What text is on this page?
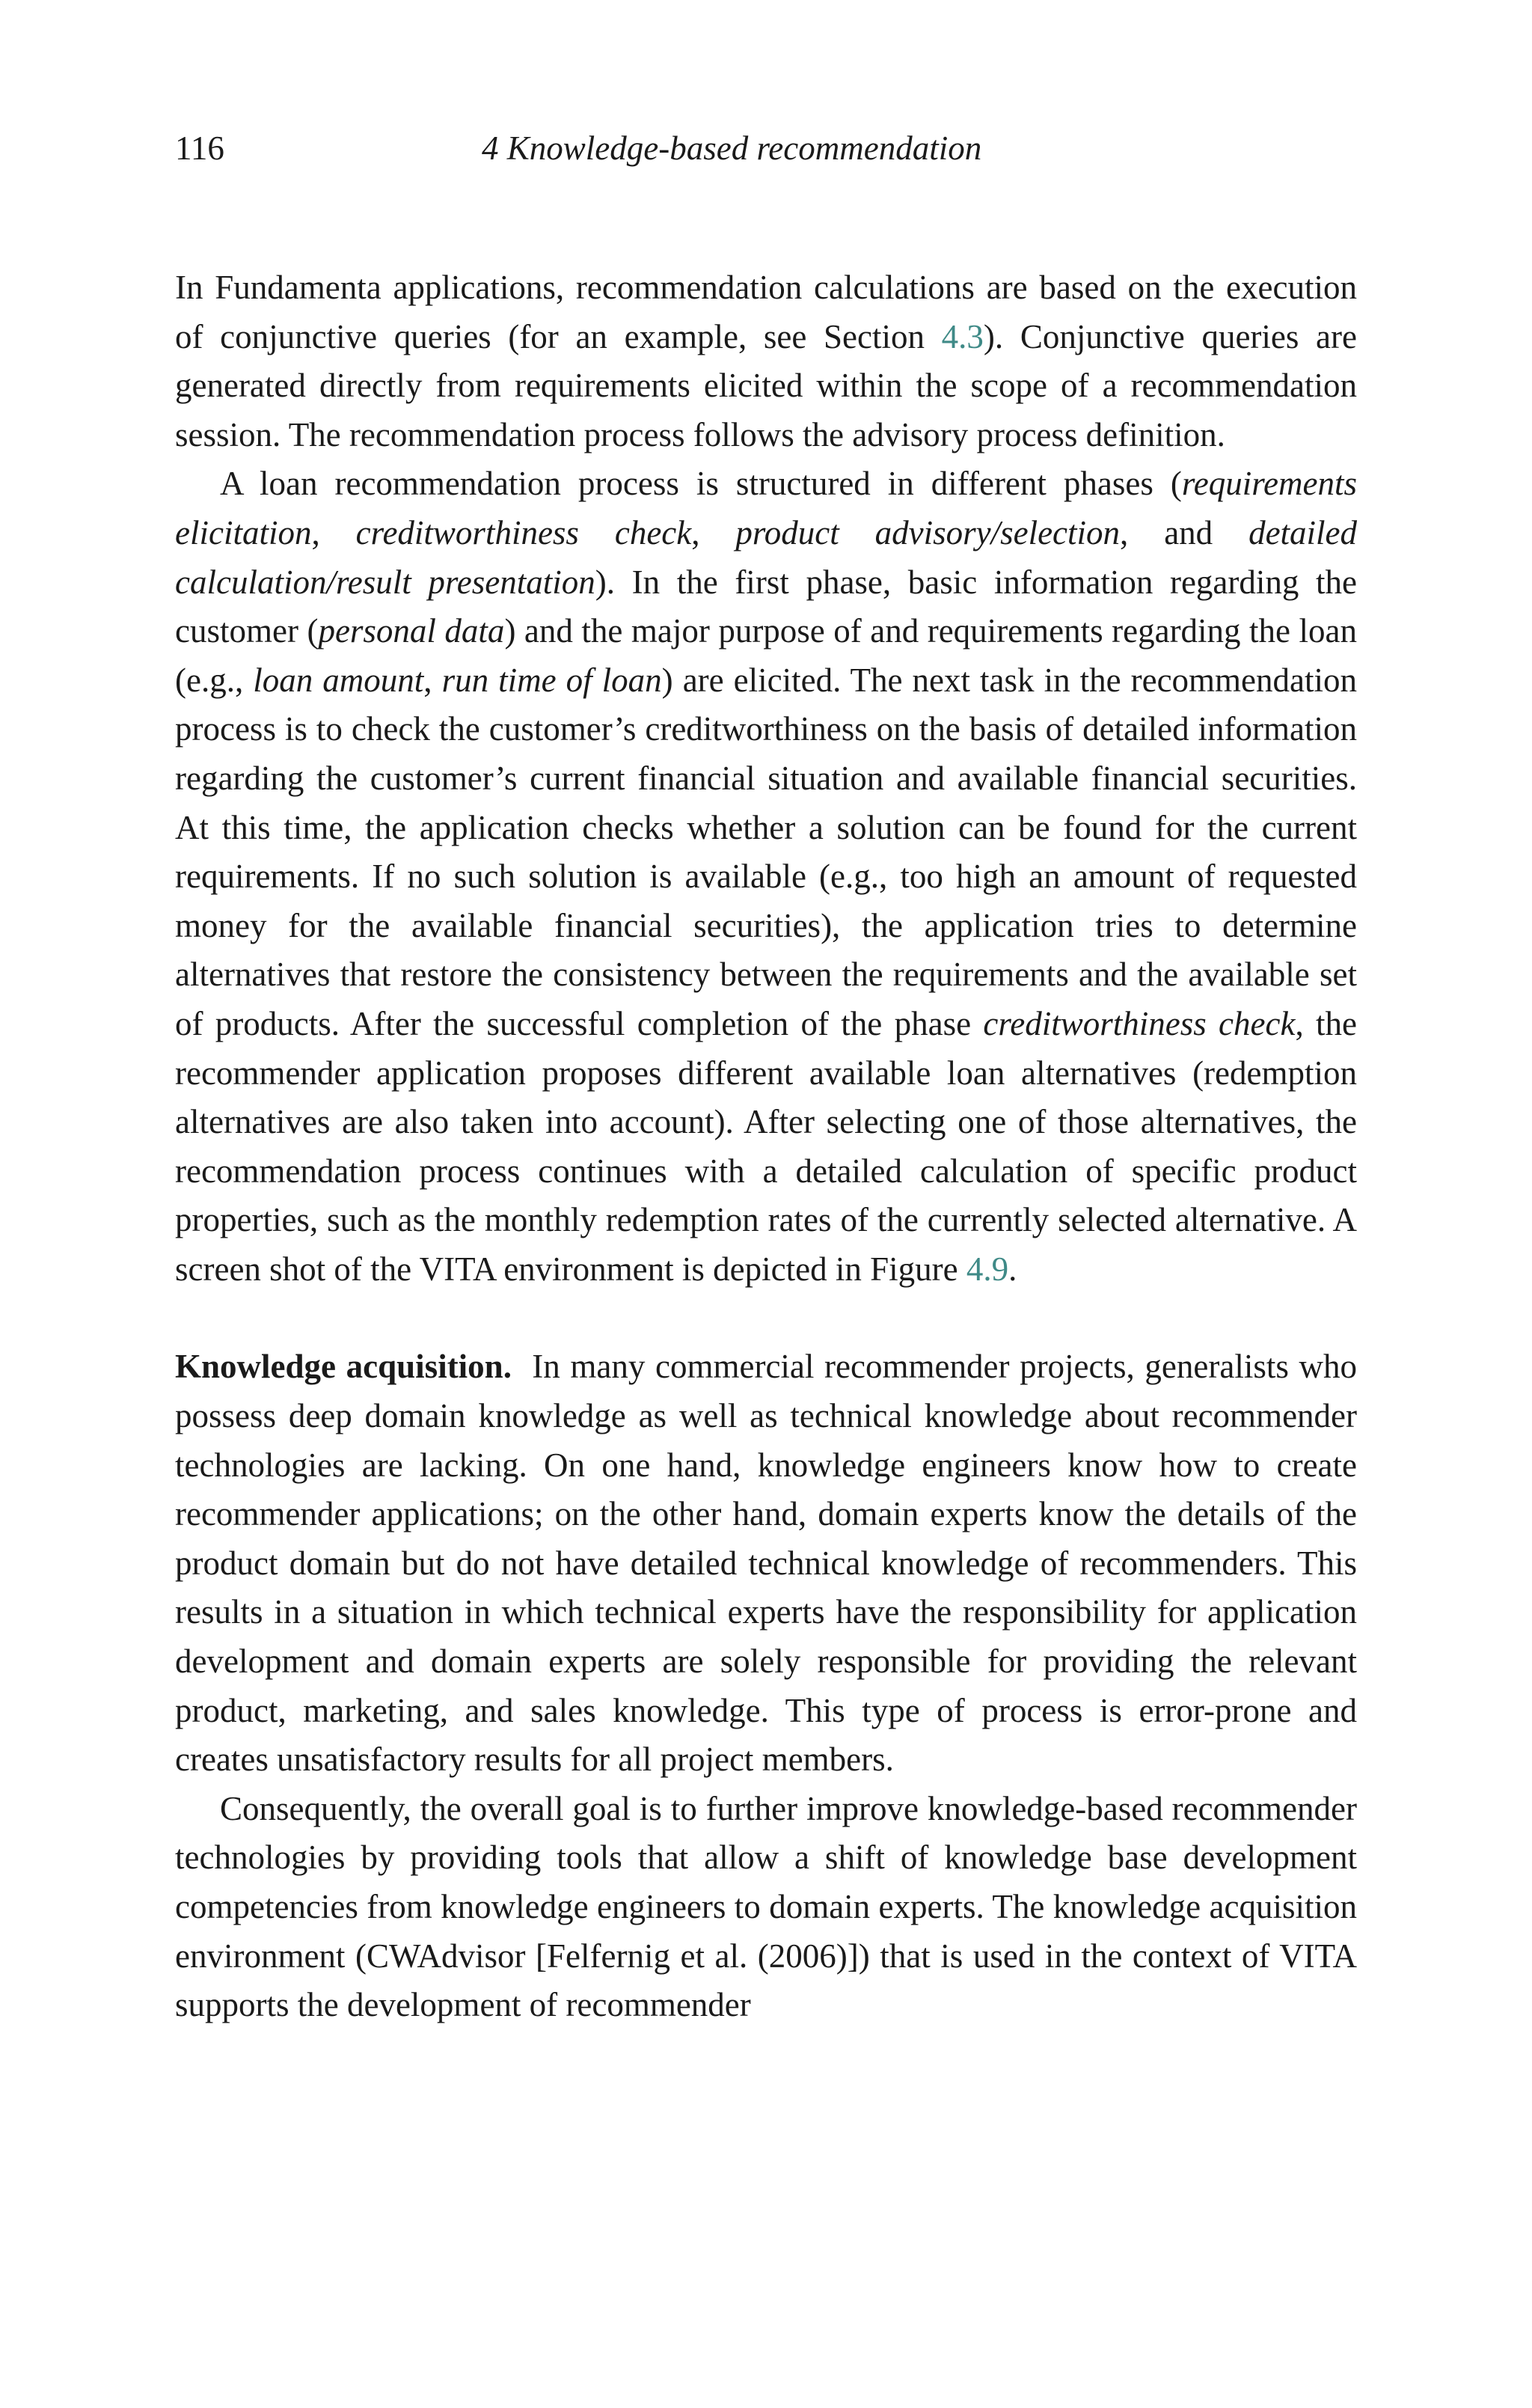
116	4 Knowledge-based recommendation

In Fundamenta applications, recommendation calculations are based on the execution of conjunctive queries (for an example, see Section 4.3). Conjunctive queries are generated directly from requirements elicited within the scope of a recommendation session. The recommendation process follows the advisory process definition.

A loan recommendation process is structured in different phases (requirements elicitation, creditworthiness check, product advisory/selection, and detailed calculation/result presentation). In the first phase, basic information regarding the customer (personal data) and the major purpose of and requirements regarding the loan (e.g., loan amount, run time of loan) are elicited. The next task in the recommendation process is to check the customer’s creditworthiness on the basis of detailed information regarding the customer’s current financial situation and available financial securities. At this time, the application checks whether a solution can be found for the current requirements. If no such solution is available (e.g., too high an amount of requested money for the available financial securities), the application tries to determine alternatives that restore the consistency between the requirements and the available set of products. After the successful completion of the phase creditworthiness check, the recommender application proposes different available loan alternatives (redemption alternatives are also taken into account). After selecting one of those alternatives, the recommendation process continues with a detailed calculation of specific product properties, such as the monthly redemption rates of the currently selected alternative. A screen shot of the VITA environment is depicted in Figure 4.9.

Knowledge acquisition.  In many commercial recommender projects, generalists who possess deep domain knowledge as well as technical knowledge about recommender technologies are lacking. On one hand, knowledge engineers know how to create recommender applications; on the other hand, domain experts know the details of the product domain but do not have detailed technical knowledge of recommenders. This results in a situation in which technical experts have the responsibility for application development and domain experts are solely responsible for providing the relevant product, marketing, and sales knowledge. This type of process is error-prone and creates unsatisfactory results for all project members.

Consequently, the overall goal is to further improve knowledge-based recommender technologies by providing tools that allow a shift of knowledge base development competencies from knowledge engineers to domain experts. The knowledge acquisition environment (CWAdvisor [Felfernig et al. (2006)]) that is used in the context of VITA supports the development of recommender
